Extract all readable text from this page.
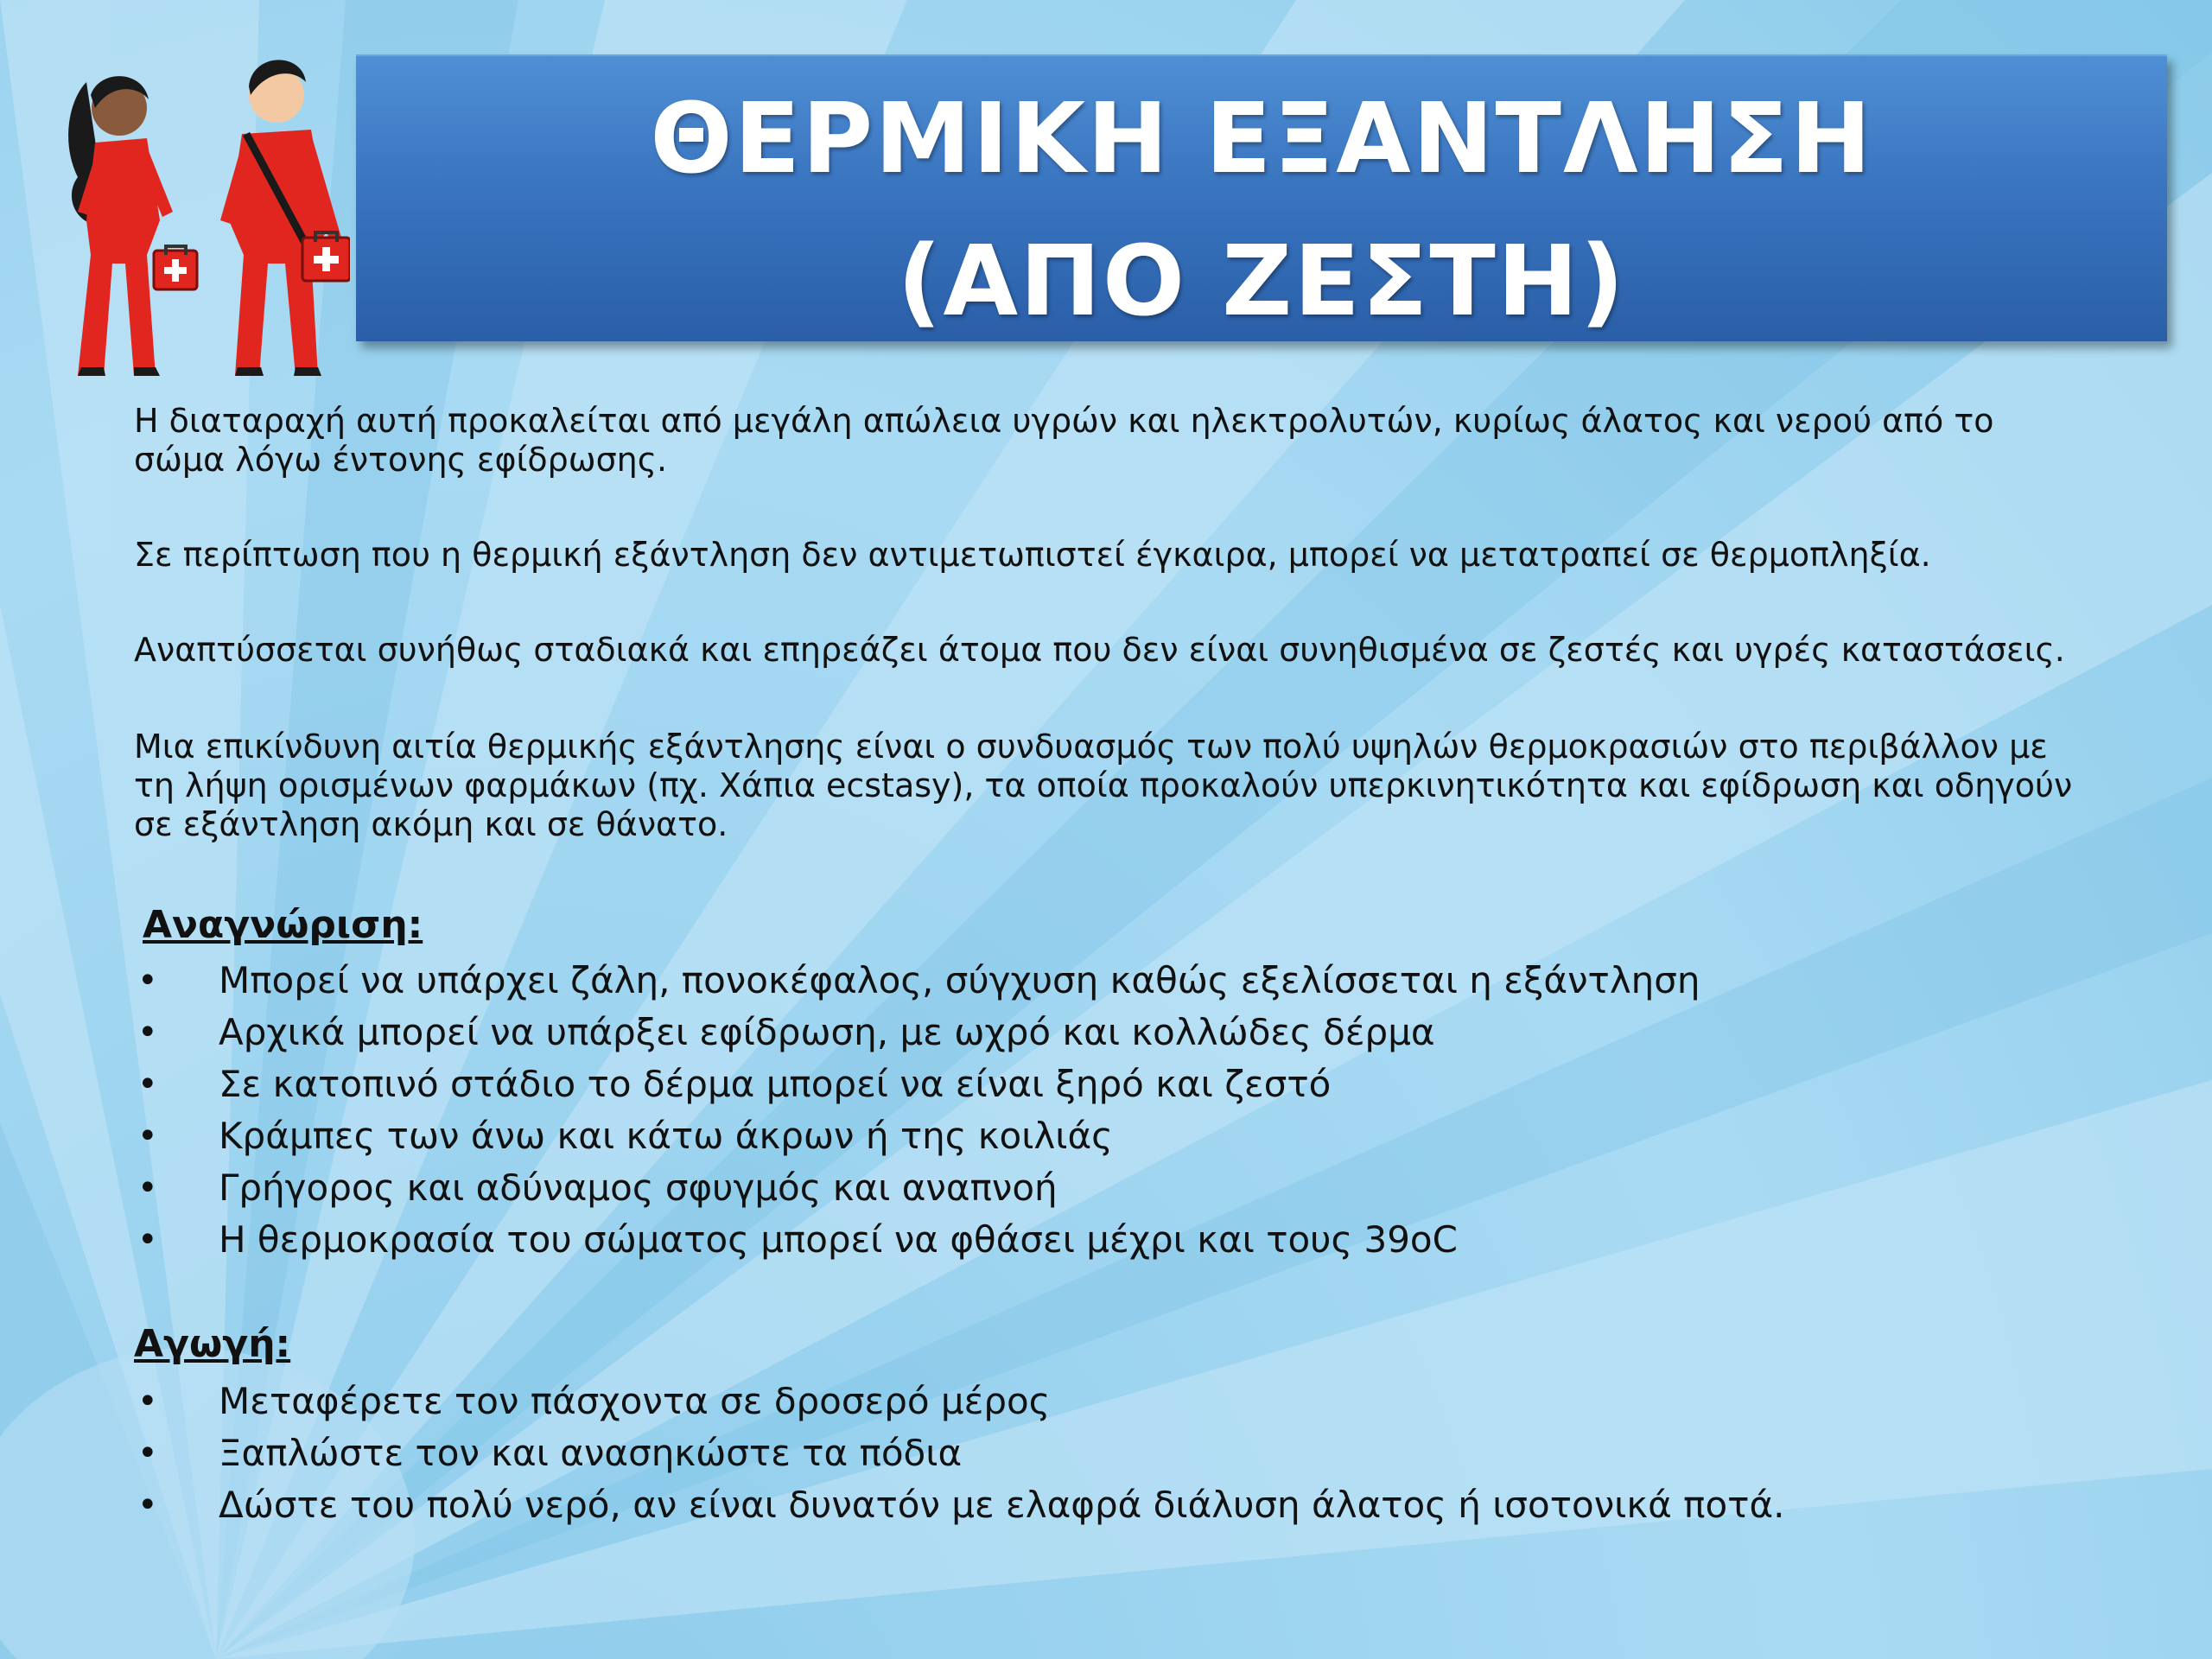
ΘΕΡΜΙΚΗ ΕΞΑΝΤΛΗΣΗ
(ΑΠΟ ΖΕΣΤΗ)

Η διαταραχή αυτή προκαλείται από μεγάλη απώλεια υγρών και ηλεκτρολυτών, κυρίως άλατος και νερού από το σώμα λόγω έντονης εφίδρωσης.

Σε περίπτωση που η θερμική εξάντληση δεν αντιμετωπιστεί έγκαιρα, μπορεί να μετατραπεί σε θερμοπληξία.

Αναπτύσσεται συνήθως σταδιακά και επηρεάζει άτομα που δεν είναι συνηθισμένα σε ζεστές και υγρές καταστάσεις.

Μια επικίνδυνη αιτία θερμικής εξάντλησης είναι ο συνδυασμός των πολύ υψηλών θερμοκρασιών στο περιβάλλον με τη λήψη ορισμένων φαρμάκων (πχ. Χάπια ecstasy), τα οποία προκαλούν υπερκινητικότητα και εφίδρωση και οδηγούν σε εξάντληση ακόμη και σε θάνατο.

Αναγνώριση:
• Μπορεί να υπάρχει ζάλη, πονοκέφαλος, σύγχυση καθώς εξελίσσεται η εξάντληση
• Αρχικά μπορεί να υπάρξει εφίδρωση, με ωχρό και κολλώδες δέρμα
• Σε κατοπινό στάδιο το δέρμα μπορεί να είναι ξηρό και ζεστό
• Κράμπες των άνω και κάτω άκρων ή της κοιλιάς
• Γρήγορος και αδύναμος σφυγμός και αναπνοή
• Η θερμοκρασία του σώματος μπορεί να φθάσει μέχρι και τους 39οC
Αγωγή:
• Μεταφέρετε τον πάσχοντα σε δροσερό μέρος
• Ξαπλώστε τον και ανασηκώστε τα πόδια
• Δώστε του πολύ νερό, αν είναι δυνατόν με ελαφρά διάλυση άλατος ή ισοτονικά ποτά.
